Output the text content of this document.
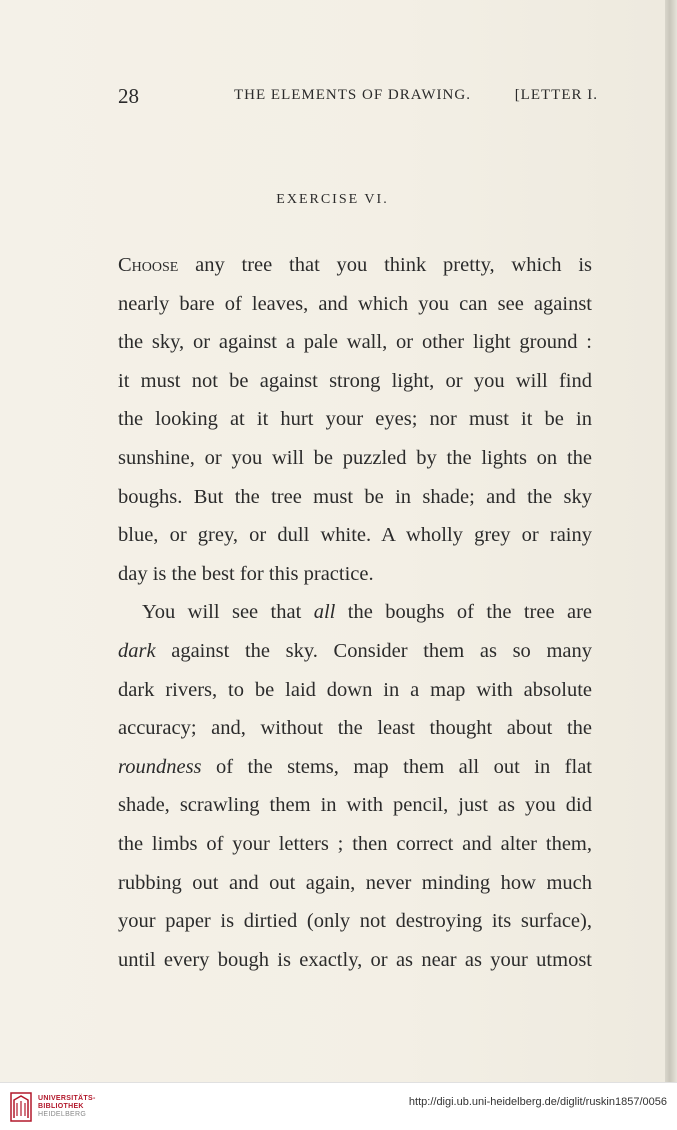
28	THE ELEMENTS OF DRAWING.	[LETTER I.
EXERCISE VI.
Choose any tree that you think pretty, which is
nearly bare of leaves, and which you can see against
the sky, or against a pale wall, or other light ground :
it must not be against strong light, or you will find
the looking at it hurt your eyes; nor must it be in
sunshine, or you will be puzzled by the lights on the
boughs. But the tree must be in shade; and the sky
blue, or grey, or dull white. A wholly grey or rainy
day is the best for this practice.
You will see that all the boughs of the tree are
dark against the sky. Consider them as so many
dark rivers, to be laid down in a map with absolute
accuracy; and, without the least thought about the
roundness of the stems, map them all out in flat
shade, scrawling them in with pencil, just as you did
the limbs of your letters ; then correct and alter them,
rubbing out and out again, never minding how much
your paper is dirtied (only not destroying its surface),
until every bough is exactly, or as near as your utmost
UNIVERSITÄTS-
BIBLIOTHEK
HEIDELBERG
http://digi.ub.uni-heidelberg.de/diglit/ruskin1857/0056
